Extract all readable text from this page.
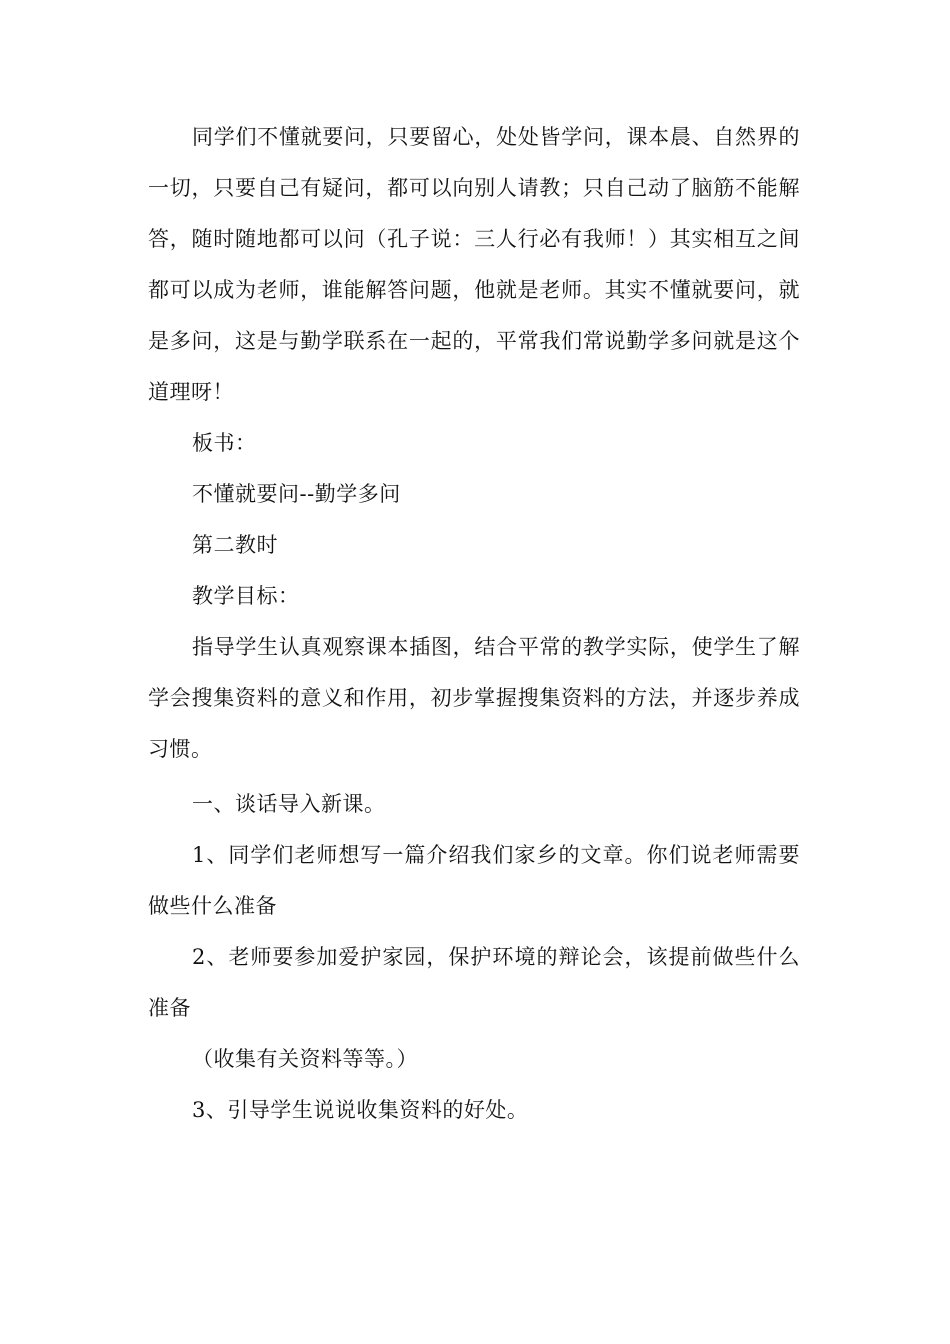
同学们不懂就要问，只要留心，处处皆学问，课本晨、自然界的一切，只要自己有疑问，都可以向别人请教；只自己动了脑筋不能解答，随时随地都可以问（孔子说：三人行必有我师！）其实相互之间都可以成为老师，谁能解答问题，他就是老师。其实不懂就要问，就是多问，这是与勤学联系在一起的，平常我们常说勤学多问就是这个道理呀！

板书：

不懂就要问--勤学多问

第二教时

教学目标：

指导学生认真观察课本插图，结合平常的教学实际，使学生了解学会搜集资料的意义和作用，初步掌握搜集资料的方法，并逐步养成习惯。

一、谈话导入新课。

1、同学们老师想写一篇介绍我们家乡的文章。你们说老师需要做些什么准备

2、老师要参加爱护家园，保护环境的辩论会，该提前做些什么准备

（收集有关资料等等。）

3、引导学生说说收集资料的好处。
